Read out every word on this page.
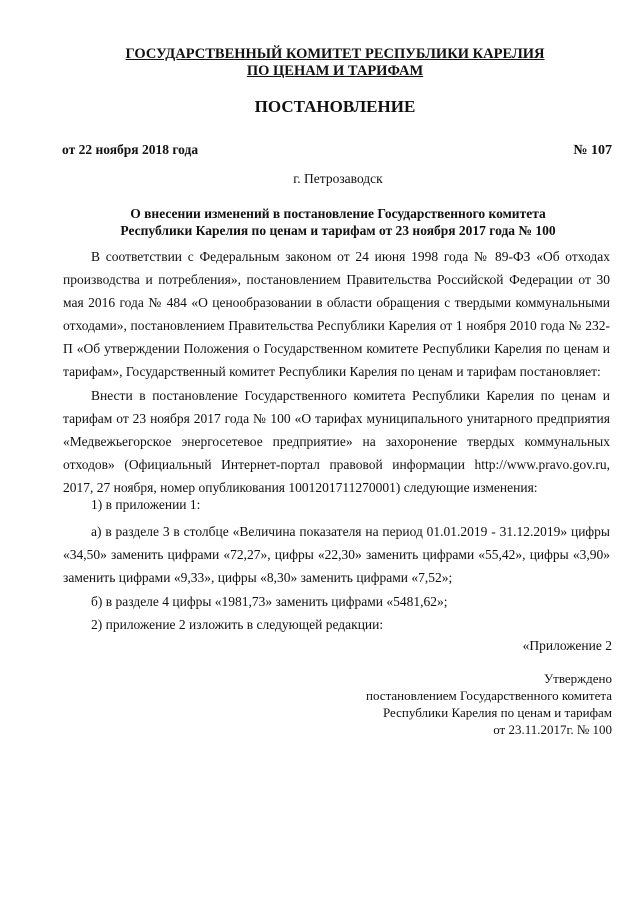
ГОСУДАРСТВЕННЫЙ КОМИТЕТ РЕСПУБЛИКИ КАРЕЛИЯ
ПО ЦЕНАМ И ТАРИФАМ
ПОСТАНОВЛЕНИЕ
от 22 ноября 2018 года	№ 107
г. Петрозаводск
О внесении изменений в постановление Государственного комитета
Республики Карелия по ценам и тарифам от 23 ноября 2017 года № 100
В соответствии с Федеральным законом от 24 июня 1998 года № 89-ФЗ «Об отходах производства и потребления», постановлением Правительства Российской Федерации от 30 мая 2016 года № 484 «О ценообразовании в области обращения с твердыми коммунальными отходами», постановлением Правительства Республики Карелия от 1 ноября 2010 года № 232-П «Об утверждении Положения о Государственном комитете Республики Карелия по ценам и тарифам», Государственный комитет Республики Карелия по ценам и тарифам постановляет:
Внести в постановление Государственного комитета Республики Карелия по ценам и тарифам от 23 ноября 2017 года № 100 «О тарифах муниципального унитарного предприятия «Медвежьегорское энергосетевое предприятие» на захоронение твердых коммунальных отходов» (Официальный Интернет-портал правовой информации http://www.pravo.gov.ru, 2017, 27 ноября, номер опубликования 1001201711270001) следующие изменения:
1) в приложении 1:
а) в разделе 3 в столбце «Величина показателя на период 01.01.2019 - 31.12.2019» цифры «34,50» заменить цифрами «72,27», цифры «22,30» заменить цифрами «55,42», цифры «3,90» заменить цифрами «9,33», цифры «8,30» заменить цифрами «7,52»;
б) в разделе 4 цифры «1981,73» заменить цифрами «5481,62»;
2) приложение 2 изложить в следующей редакции:
«Приложение 2
Утверждено
постановлением Государственного комитета
Республики Карелия по ценам и тарифам
от 23.11.2017г. № 100
